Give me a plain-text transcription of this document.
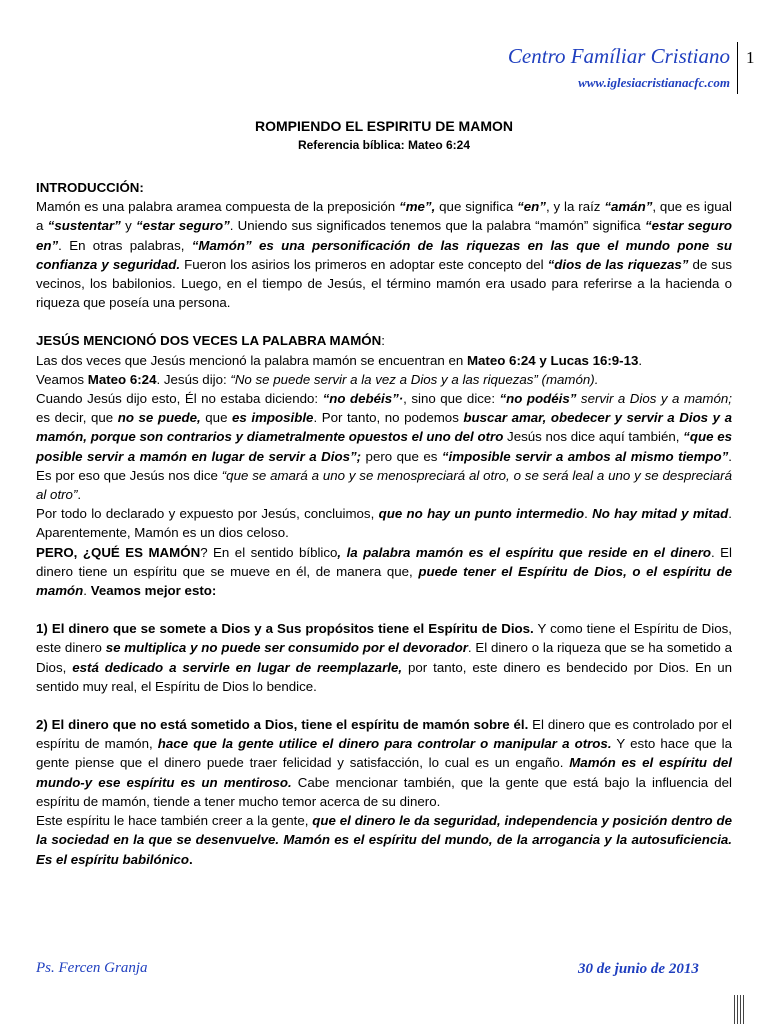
Centro Famíliar Cristiano
www.iglesiacristianacfc.com
1
ROMPIENDO EL ESPIRITU DE MAMON
Referencia bíblica: Mateo 6:24

INTRODUCCIÓN:

Mamón es una palabra aramea compuesta de la preposición “me”, que significa “en”, y la raíz “amán”, que es igual a “sustentar” y “estar seguro”. Uniendo sus significados tenemos que la palabra “mamón” significa “estar seguro en”. En otras palabras, “Mamón” es una personificación de las riquezas en las que el mundo pone su confianza y seguridad. Fueron los asirios los primeros en adoptar este concepto del “dios de las riquezas” de sus vecinos, los babilonios. Luego, en el tiempo de Jesús, el término mamón era usado para referirse a la hacienda o riqueza que poseía una persona.

JESÚS MENCIONÓ DOS VECES LA PALABRA MAMÓN:

Las dos veces que Jesús mencionó la palabra mamón se encuentran en Mateo 6:24 y Lucas 16:9-13.

Veamos Mateo 6:24. Jesús dijo: “No se puede servir a la vez a Dios y a las riquezas” (mamón).

Cuando Jesús dijo esto, Él no estaba diciendo: “no debéis”·, sino que dice: “no podéis” servir a Dios y a mamón; es decir, que no se puede, que es imposible. Por tanto, no podemos buscar amar, obedecer y servir a Dios y a mamón, porque son contrarios y diametralmente opuestos el uno del otro Jesús nos dice aquí también, “que es posible servir a mamón en lugar de servir a Dios”; pero que es “imposible servir a ambos al mismo tiempo”. Es por eso que Jesús nos dice “que se amará a uno y se menospreciará al otro, o se será leal a uno y se despreciará al otro”.

Por todo lo declarado y expuesto por Jesús, concluimos, que no hay un punto intermedio. No hay mitad y mitad. Aparentemente, Mamón es un dios celoso.

PERO, ¿QUÉ ES MAMÓN? En el sentido bíblico, la palabra mamón es el espíritu que reside en el dinero. El dinero tiene un espíritu que se mueve en él, de manera que, puede tener el Espíritu de Dios, o el espíritu de mamón. Veamos mejor esto:

1) El dinero que se somete a Dios y a Sus propósitos tiene el Espíritu de Dios. Y como tiene el Espíritu de Dios, este dinero se multiplica y no puede ser consumido por el devorador. El dinero o la riqueza que se ha sometido a Dios, está dedicado a servirle en lugar de reemplazarle, por tanto, este dinero es bendecido por Dios. En un sentido muy real, el Espíritu de Dios lo bendice.

2) El dinero que no está sometido a Dios, tiene el espíritu de mamón sobre él. El dinero que es controlado por el espíritu de mamón, hace que la gente utilice el dinero para controlar o manipular a otros. Y esto hace que la gente piense que el dinero puede traer felicidad y satisfacción, lo cual es un engaño. Mamón es el espíritu del mundo-y ese espíritu es un mentiroso. Cabe mencionar también, que la gente que está bajo la influencia del espíritu de mamón, tiende a tener mucho temor acerca de su dinero.

Este espíritu le hace también creer a la gente, que el dinero le da seguridad, independencia y posición dentro de la sociedad en la que se desenvuelve. Mamón es el espíritu del mundo, de la arrogancia y la autosuficiencia. Es el espíritu babilónico.

Ps. Fercen Granja	30 de junio de 2013
